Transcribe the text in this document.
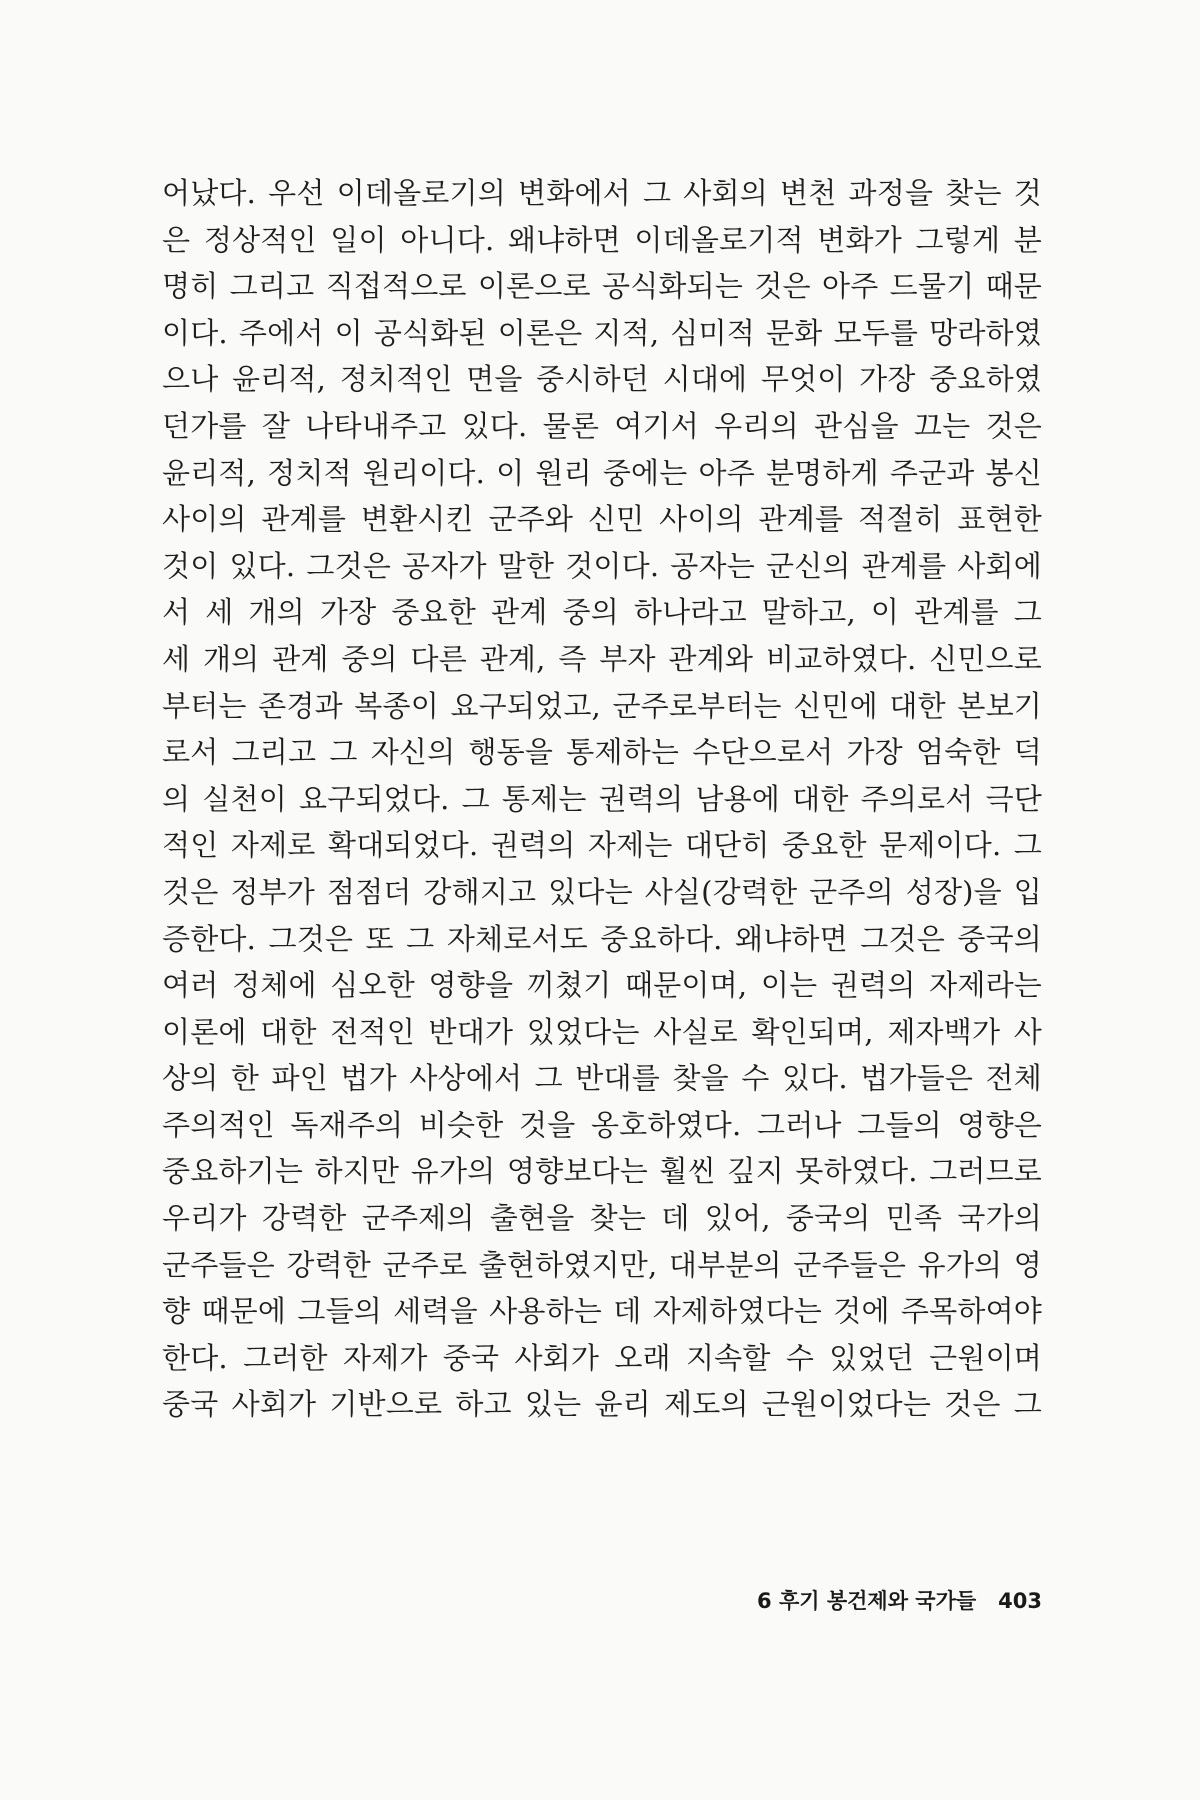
어났다. 우선 이데올로기의 변화에서 그 사회의 변천 과정을 찾는 것
은 정상적인 일이 아니다. 왜냐하면 이데올로기적 변화가 그렇게 분
명히 그리고 직접적으로 이론으로 공식화되는 것은 아주 드물기 때문
이다. 주에서 이 공식화된 이론은 지적, 심미적 문화 모두를 망라하였
으나 윤리적, 정치적인 면을 중시하던 시대에 무엇이 가장 중요하였
던가를 잘 나타내주고 있다. 물론 여기서 우리의 관심을 끄는 것은
윤리적, 정치적 원리이다. 이 원리 중에는 아주 분명하게 주군과 봉신
사이의 관계를 변환시킨 군주와 신민 사이의 관계를 적절히 표현한
것이 있다. 그것은 공자가 말한 것이다. 공자는 군신의 관계를 사회에
서 세 개의 가장 중요한 관계 중의 하나라고 말하고, 이 관계를 그
세 개의 관계 중의 다른 관계, 즉 부자 관계와 비교하였다. 신민으로
부터는 존경과 복종이 요구되었고, 군주로부터는 신민에 대한 본보기
로서 그리고 그 자신의 행동을 통제하는 수단으로서 가장 엄숙한 덕
의 실천이 요구되었다. 그 통제는 권력의 남용에 대한 주의로서 극단
적인 자제로 확대되었다. 권력의 자제는 대단히 중요한 문제이다. 그
것은 정부가 점점더 강해지고 있다는 사실(강력한 군주의 성장)을 입
증한다. 그것은 또 그 자체로서도 중요하다. 왜냐하면 그것은 중국의
여러 정체에 심오한 영향을 끼쳤기 때문이며, 이는 권력의 자제라는
이론에 대한 전적인 반대가 있었다는 사실로 확인되며, 제자백가 사
상의 한 파인 법가 사상에서 그 반대를 찾을 수 있다. 법가들은 전체
주의적인 독재주의 비슷한 것을 옹호하였다. 그러나 그들의 영향은
중요하기는 하지만 유가의 영향보다는 훨씬 깊지 못하였다. 그러므로
우리가 강력한 군주제의 출현을 찾는 데 있어, 중국의 민족 국가의
군주들은 강력한 군주로 출현하였지만, 대부분의 군주들은 유가의 영
향 때문에 그들의 세력을 사용하는 데 자제하였다는 것에 주목하여야
한다. 그러한 자제가 중국 사회가 오래 지속할 수 있었던 근원이며
중국 사회가 기반으로 하고 있는 윤리 제도의 근원이었다는 것은 그
6 후기 봉건제와 국가들 403
